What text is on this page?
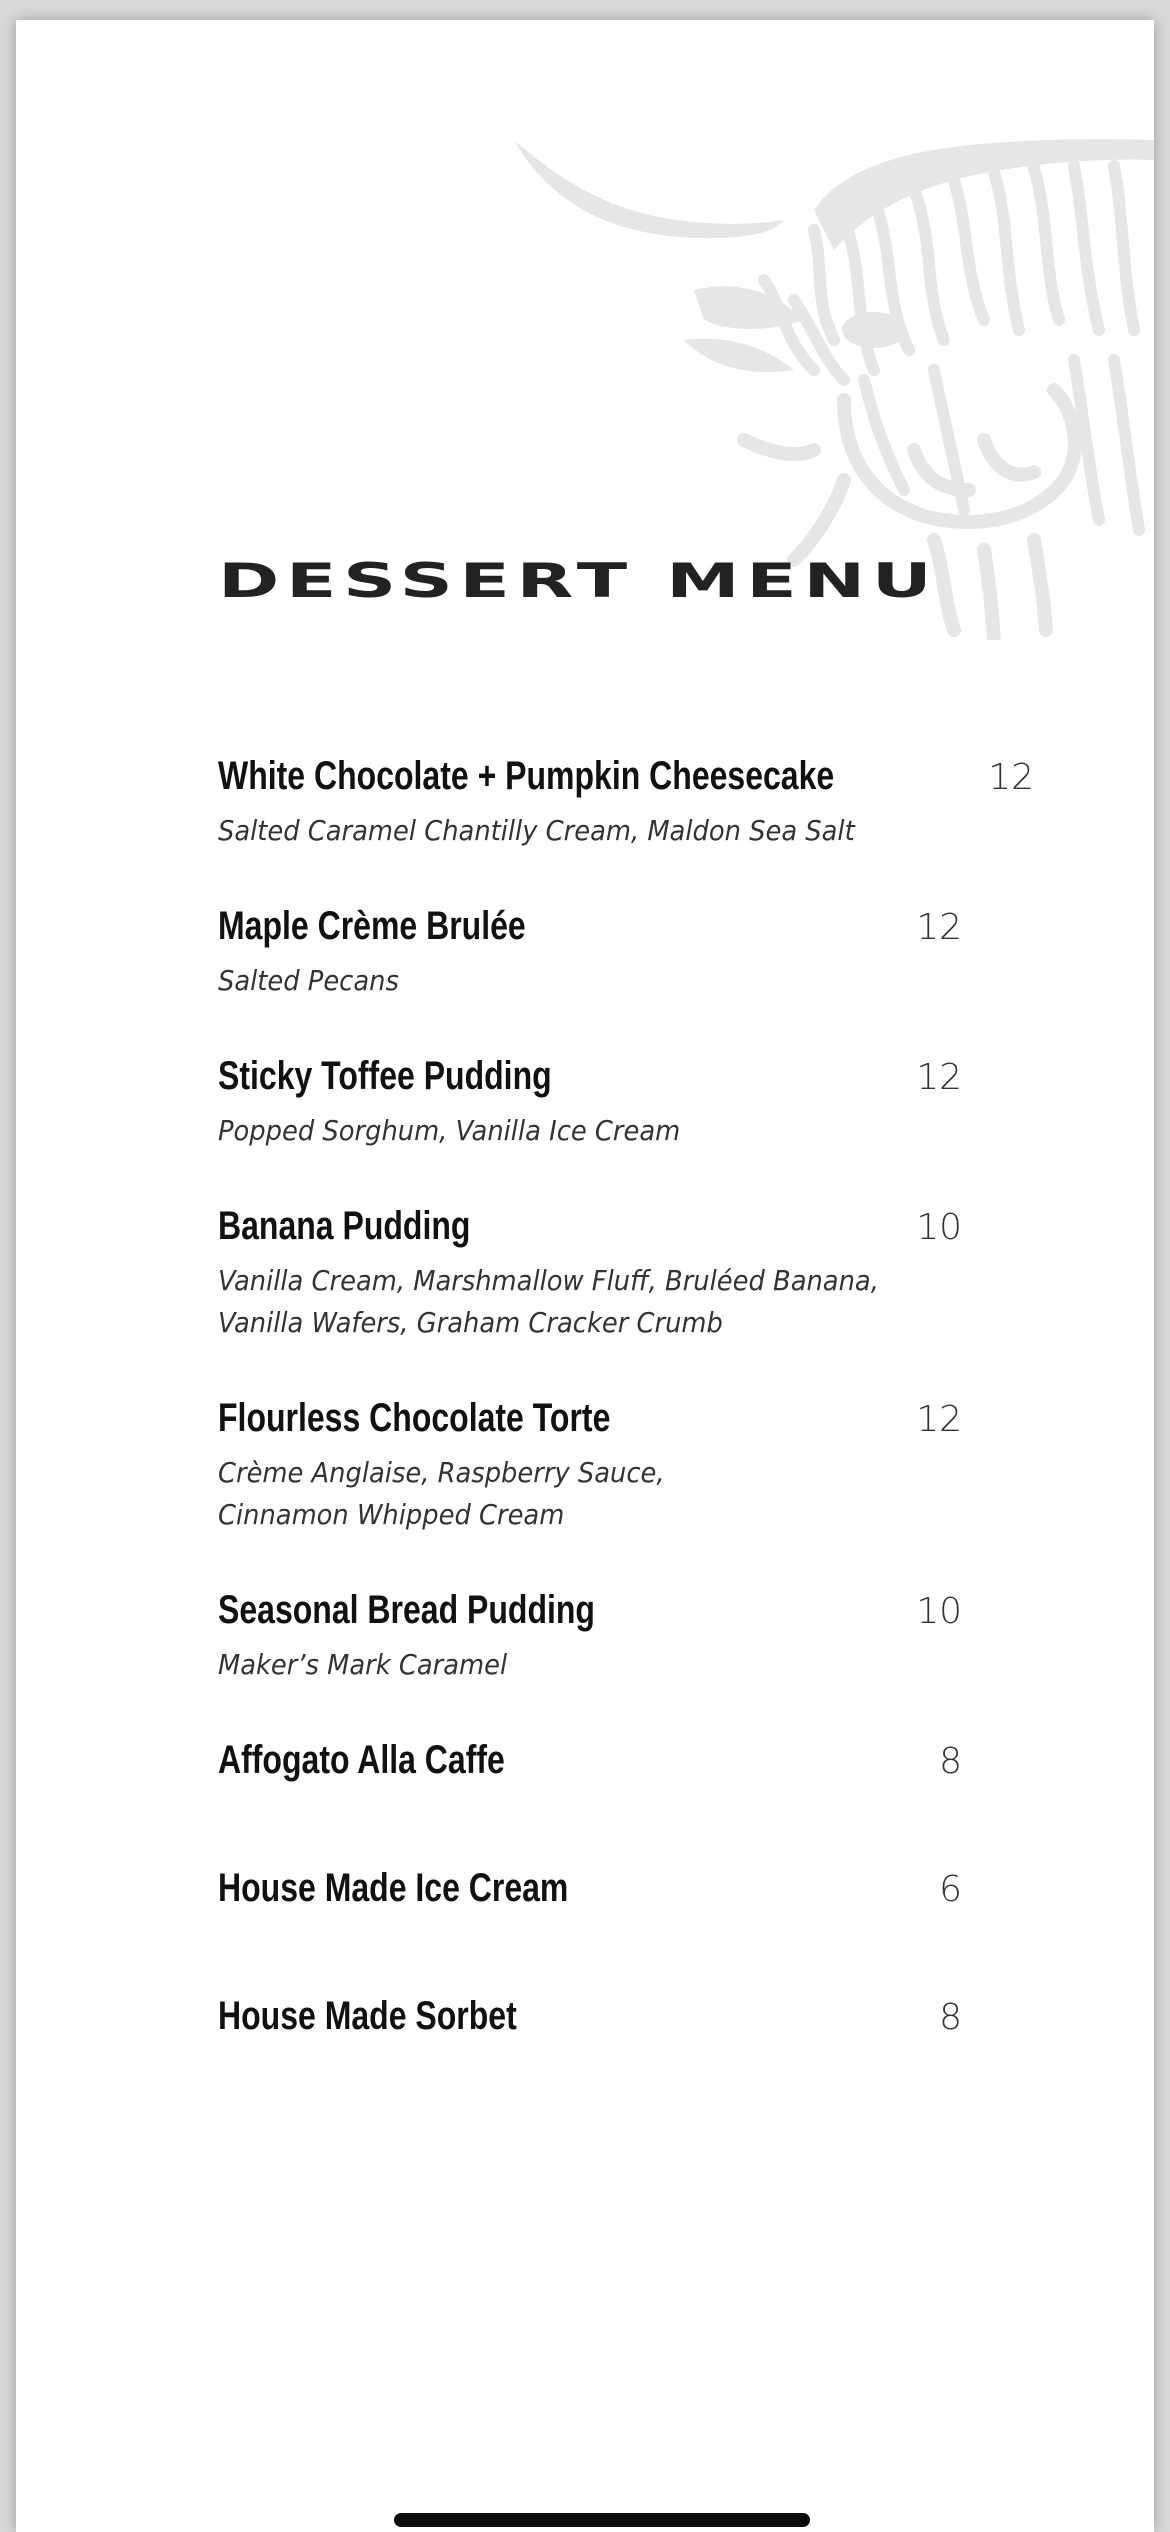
DESSERT MENU
White Chocolate + Pumpkin Cheesecake	12
Salted Caramel Chantilly Cream, Maldon Sea Salt
Maple Crème Brulée	12
Salted Pecans
Sticky Toffee Pudding	12
Popped Sorghum, Vanilla Ice Cream
Banana Pudding	10
Vanilla Cream, Marshmallow Fluff, Bruléed Banana,
Vanilla Wafers, Graham Cracker Crumb
Flourless Chocolate Torte	12
Crème Anglaise, Raspberry Sauce,
Cinnamon Whipped Cream
Seasonal Bread Pudding	10
Maker’s Mark Caramel
Affogato Alla Caffe	8
House Made Ice Cream	6
House Made Sorbet	8
